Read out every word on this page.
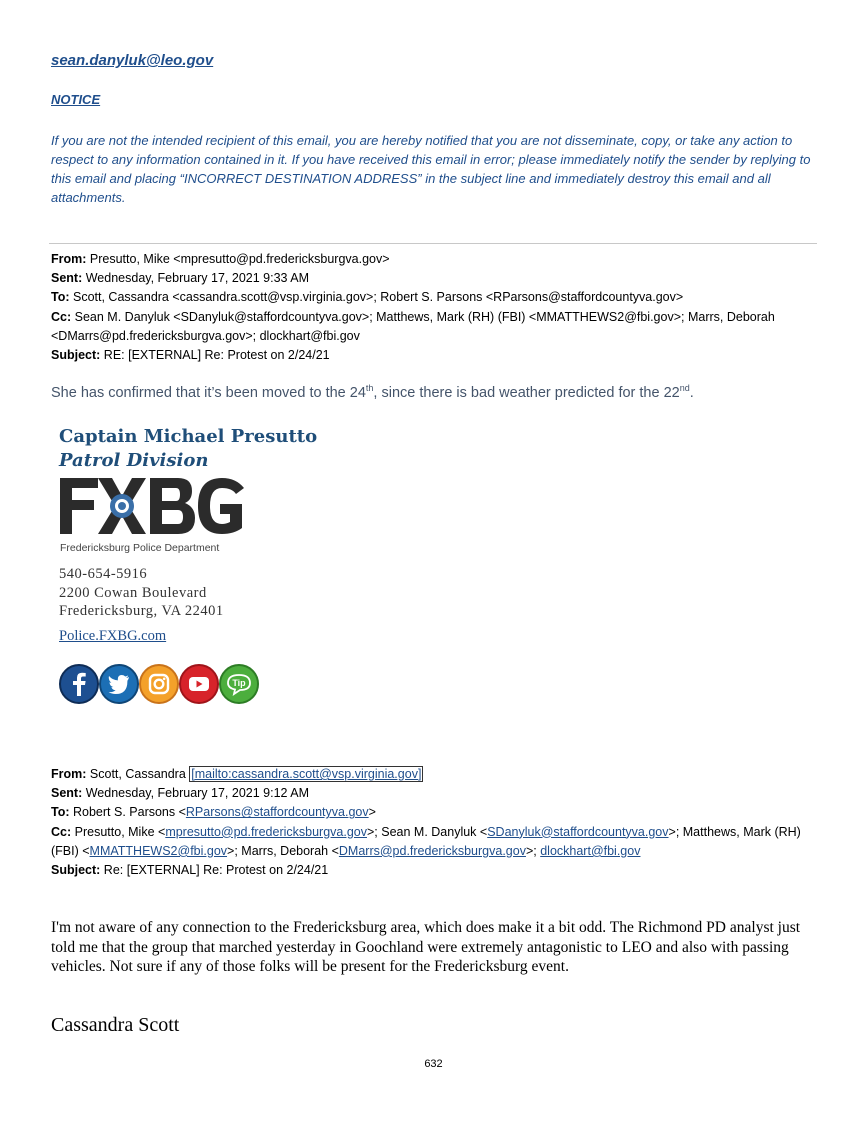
sean.danyluk@leo.gov
NOTICE
If you are not the intended recipient of this email, you are hereby notified that you are not disseminate, copy, or take any action to respect to any information contained in it. If you have received this email in error; please immediately notify the sender by replying to this email and placing “INCORRECT DESTINATION ADDRESS” in the subject line and immediately destroy this email and all attachments.
From: Presutto, Mike <mpresutto@pd.fredericksburgva.gov>
Sent: Wednesday, February 17, 2021 9:33 AM
To: Scott, Cassandra <cassandra.scott@vsp.virginia.gov>; Robert S. Parsons <RParsons@staffordcountyva.gov>
Cc: Sean M. Danyluk <SDanyluk@staffordcountyva.gov>; Matthews, Mark (RH) (FBI) <MMATTHEWS2@fbi.gov>; Marrs, Deborah <DMarrs@pd.fredericksburgva.gov>; dlockhart@fbi.gov
Subject: RE: [EXTERNAL] Re: Protest on 2/24/21
She has confirmed that it’s been moved to the 24th, since there is bad weather predicted for the 22nd.
Captain Michael Presutto
Patrol Division
Fredericksburg Police Department
540-654-5916
2200 Cowan Boulevard
Fredericksburg, VA 22401
Police.FXBG.com
Tip
From: Scott, Cassandra [mailto:cassandra.scott@vsp.virginia.gov]
Sent: Wednesday, February 17, 2021 9:12 AM
To: Robert S. Parsons <RParsons@staffordcountyva.gov>
Cc: Presutto, Mike <mpresutto@pd.fredericksburgva.gov>; Sean M. Danyluk <SDanyluk@staffordcountyva.gov>; Matthews, Mark (RH) (FBI) <MMATTHEWS2@fbi.gov>; Marrs, Deborah <DMarrs@pd.fredericksburgva.gov>; dlockhart@fbi.gov
Subject: Re: [EXTERNAL] Re: Protest on 2/24/21
I'm not aware of any connection to the Fredericksburg area, which does make it a bit odd. The Richmond PD analyst just told me that the group that marched yesterday in Goochland were extremely antagonistic to LEO and also with passing vehicles. Not sure if any of those folks will be present for the Fredericksburg event.
Cassandra Scott
632
